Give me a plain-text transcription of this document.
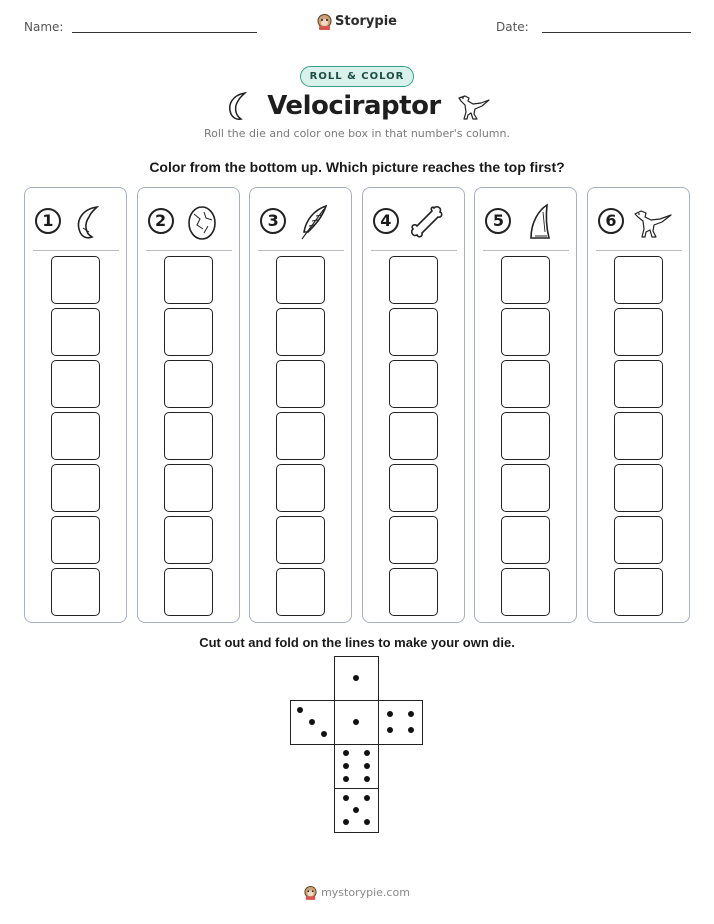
Name:	Date:
Storypie
ROLL & COLOR
Velociraptor
Roll the die and color one box in that number's column.
Color from the bottom up. Which picture reaches the top first?
1	2	3	4	5	6
Cut out and fold on the lines to make your own die.
mystorypie.com
